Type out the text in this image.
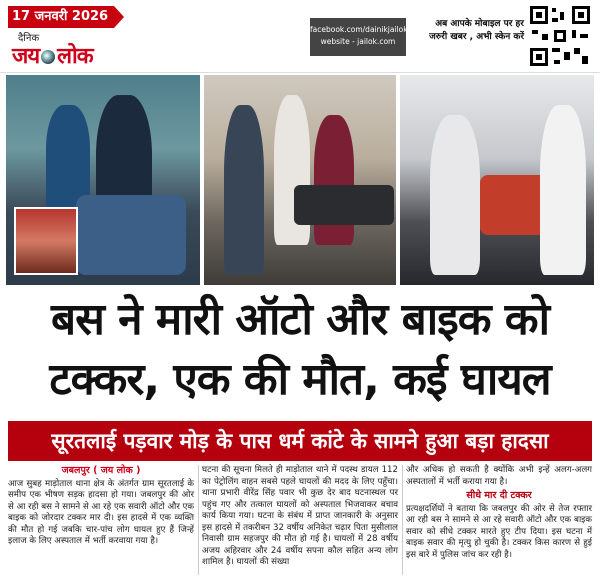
17 जनवरी 2026
दैनिक
जय लोक
facebook.com/dainikjailok
website - jailok.com
अब आपके मोबाइल पर हर
जरुरी खबर , अभी स्केन करें
बस ने मारी ऑटो और बाइक को
टक्कर, एक की मौत, कई घायल
सूरतलाई पड़वार मोड़ के पास धर्म कांटे के सामने हुआ बड़ा हादसा
जबलपुर ( जय लोक )
आज सुबह माड़ोताल थाना क्षेत्र के अंतर्गत ग्राम सूरतलाई के समीप एक भीषण सड़क हादसा हो गया। जबलपुर की ओर से आ रही बस ने सामने से आ रहे एक सवारी ऑटो और एक बाइक को जोरदार टक्कर मार दी। इस हादसे में एक व्यक्ति की मौत हो गई जबकि चार-पांच लोग घायल हुए हैं जिन्हें इलाज के लिए अस्पताल में भर्ती करवाया गया है।
घटना की सूचना मिलते ही माड़ोताल थाने में पदस्थ डायल 112 का पेट्रोलिंग वाहन सबसे पहले घायलों की मदद के लिए पहुँचा। थाना प्रभारी वीरेंद्र सिंह पवार भी कुछ देर बाद घटनास्थल पर पहुंच गए और तत्काल घायलों को अस्पताल भिजवाकर बचाव कार्य किया गया। घटना के संबंध में प्राप्त जानकारी के अनुसार इस हादसे में तकरीबन 32 वर्षीय अनिकेत चढ़ार पिता मुसीलाल निवासी ग्राम सहजपुर की मौत हो गई है। घायलों में 28 वर्षीय अजय अहिरवार और 24 वर्षीय सपना कौल सहित अन्य लोग शामिल है। घायलों की संख्या
और अधिक हो सकती है क्योंकि अभी इन्हें अलग-अलग अस्पतालों में भर्ती कराया गया है।
सीधे मार दी टक्कर
प्रत्यक्षदर्शियों ने बताया कि जबलपुर की ओर से तेज रफ्तार आ रही बस ने सामने से आ रहे सवारी ऑटो और एक बाइक सवार को सीधे टक्कर मारते हुए टीप दिया। इस घटना में बाइक सवार की मृत्यु हो चुकी है। टक्कर किस कारण से हुई इस बारे में पुलिस जांच कर रही है।
